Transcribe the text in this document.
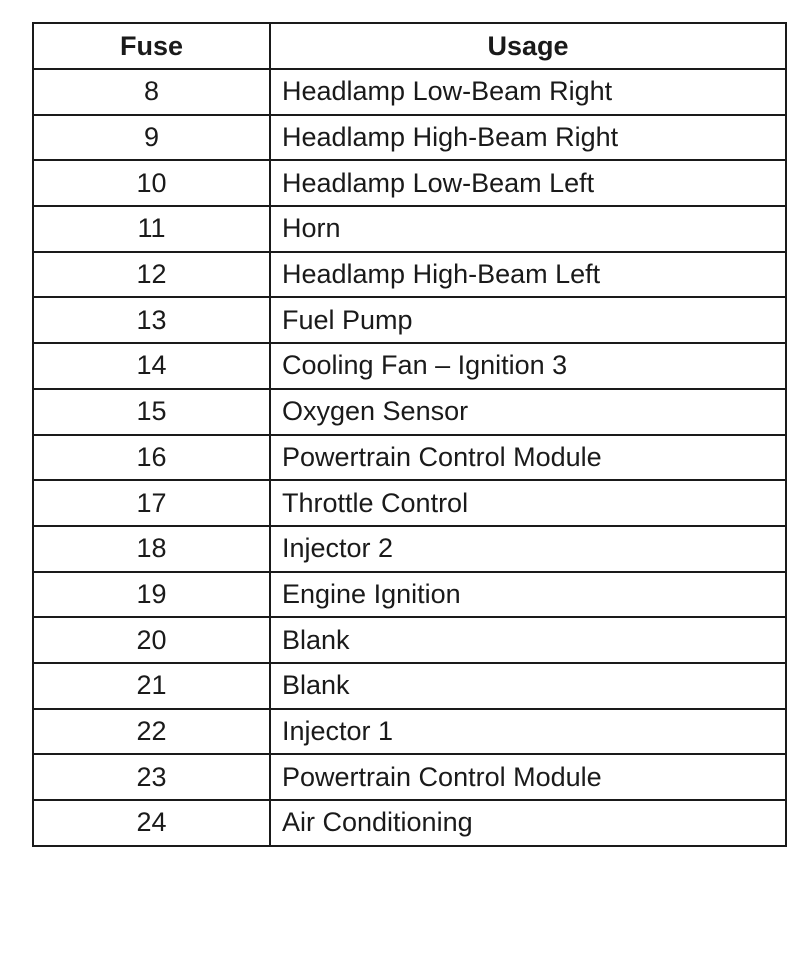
Fuse	Usage
8	Headlamp Low-Beam Right
9	Headlamp High-Beam Right
10	Headlamp Low-Beam Left
11	Horn
12	Headlamp High-Beam Left
13	Fuel Pump
14	Cooling Fan – Ignition 3
15	Oxygen Sensor
16	Powertrain Control Module
17	Throttle Control
18	Injector 2
19	Engine Ignition
20	Blank
21	Blank
22	Injector 1
23	Powertrain Control Module
24	Air Conditioning
